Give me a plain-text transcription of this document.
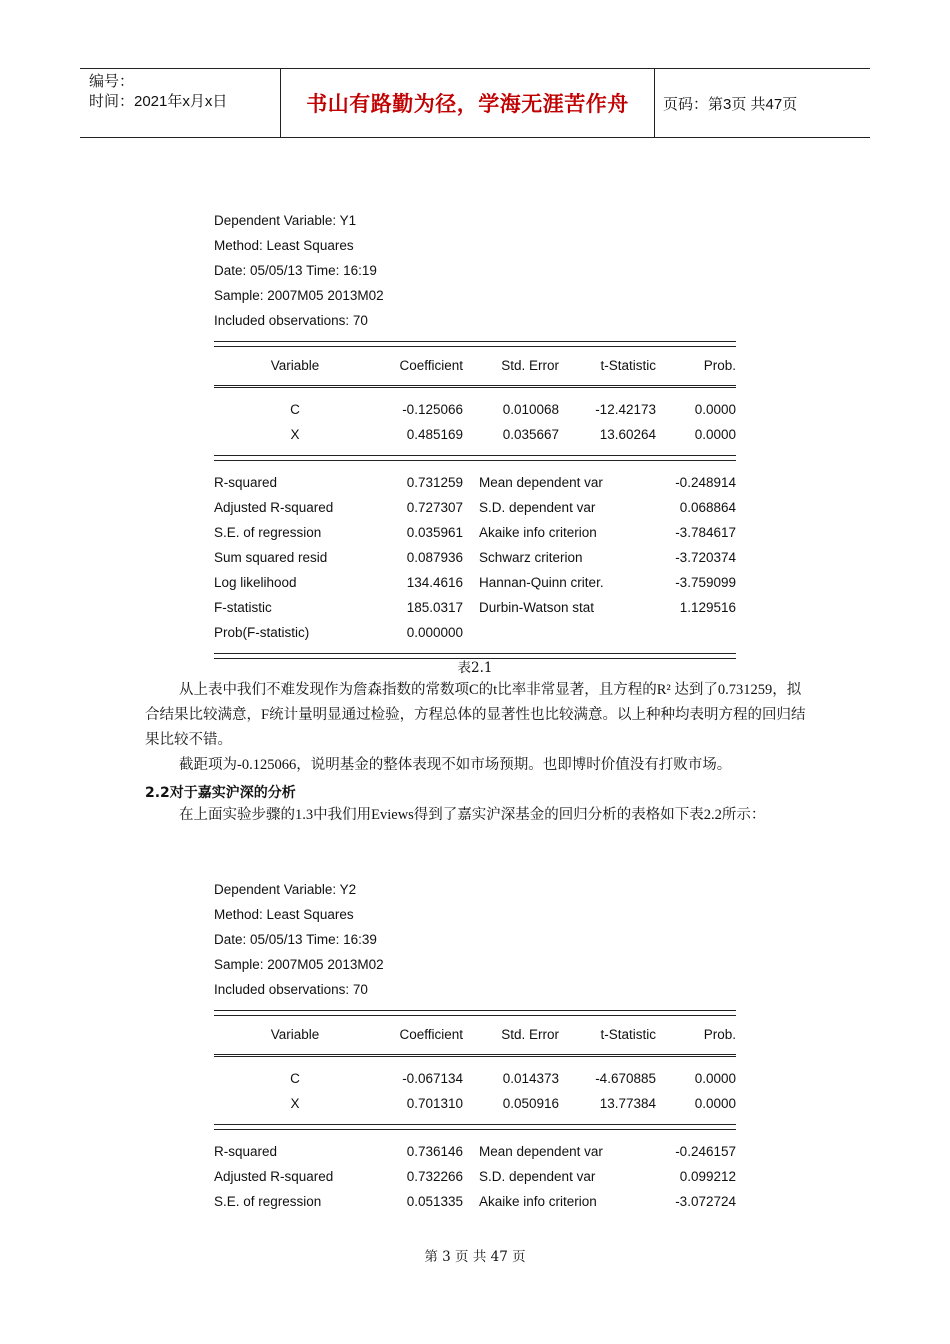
编号：
时间：2021年x月x日	书山有路勤为径，学海无涯苦作舟	页码：第3页 共47页
Dependent Variable: Y1
Method: Least Squares
Date: 05/05/13 Time: 16:19
Sample: 2007M05 2013M02
Included observations: 70
Variable	Coefficient	Std. Error	t-Statistic	Prob.
C	-0.125066	0.010068	-12.42173	0.0000
X	0.485169	0.035667	13.60264	0.0000
R-squared	0.731259 Mean dependent var	-0.248914
Adjusted R-squared	0.727307 S.D. dependent var	0.068864
S.E. of regression	0.035961 Akaike info criterion	-3.784617
Sum squared resid	0.087936 Schwarz criterion	-3.720374
Log likelihood	134.4616 Hannan-Quinn criter.	-3.759099
F-statistic	185.0317 Durbin-Watson stat	1.129516
Prob(F-statistic)	0.000000
表2.1
从上表中我们不难发现作为詹森指数的常数项C的t比率非常显著，且方程的R² 达到了0.731259，拟合结果比较满意，F统计量明显通过检验，方程总体的显著性也比较满意。以上种种均表明方程的回归结果比较不错。
截距项为-0.125066，说明基金的整体表现不如市场预期。也即博时价值没有打败市场。
2.2对于嘉实沪深的分析
在上面实验步骤的1.3中我们用Eviews得到了嘉实沪深基金的回归分析的表格如下表2.2所示：
Dependent Variable: Y2
Method: Least Squares
Date: 05/05/13 Time: 16:39
Sample: 2007M05 2013M02
Included observations: 70
Variable	Coefficient	Std. Error	t-Statistic	Prob.
C	-0.067134	0.014373	-4.670885	0.0000
X	0.701310	0.050916	13.77384	0.0000
R-squared	0.736146 Mean dependent var	-0.246157
Adjusted R-squared	0.732266 S.D. dependent var	0.099212
S.E. of regression	0.051335 Akaike info criterion	-3.072724
第 3 页 共 47 页
